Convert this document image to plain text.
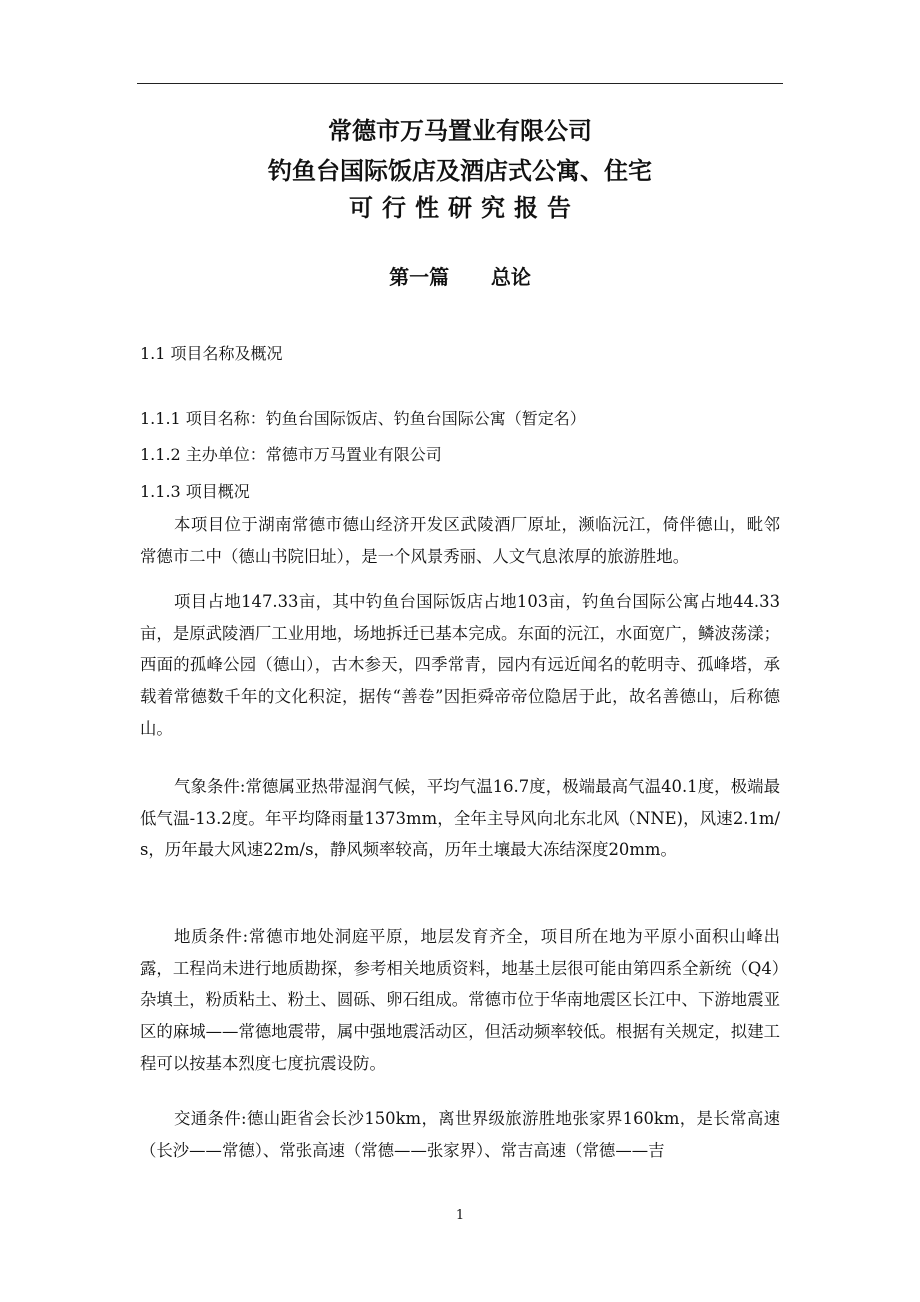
常德市万马置业有限公司
钓鱼台国际饭店及酒店式公寓、住宅
可行性研究报告
第一篇      总论
1.1 项目名称及概况
1.1.1 项目名称：钓鱼台国际饭店、钓鱼台国际公寓（暂定名）
1.1.2 主办单位：常德市万马置业有限公司
1.1.3 项目概况
本项目位于湖南常德市德山经济开发区武陵酒厂原址，濒临沅江，倚伴德山，毗邻常德市二中（德山书院旧址），是一个风景秀丽、人文气息浓厚的旅游胜地。
项目占地147.33亩，其中钓鱼台国际饭店占地103亩，钓鱼台国际公寓占地44.33亩，是原武陵酒厂工业用地，场地拆迁已基本完成。东面的沅江，水面宽广，鳞波荡漾；西面的孤峰公园（德山），古木参天，四季常青，园内有远近闻名的乾明寺、孤峰塔，承载着常德数千年的文化积淀，据传“善卷”因拒舜帝帝位隐居于此，故名善德山，后称德山。
气象条件:常德属亚热带湿润气候，平均气温16.7度，极端最高气温40.1度，极端最低气温-13.2度。年平均降雨量1373mm，全年主导风向北东北风（NNE)，风速2.1m/s，历年最大风速22m/s，静风频率较高，历年土壤最大冻结深度20mm。
地质条件:常德市地处洞庭平原，地层发育齐全，项目所在地为平原小面积山峰出露，工程尚未进行地质勘探，参考相关地质资料，地基土层很可能由第四系全新统（Q4）杂填土，粉质粘土、粉土、圆砾、卵石组成。常德市位于华南地震区长江中、下游地震亚区的麻城——常德地震带，属中强地震活动区，但活动频率较低。根据有关规定，拟建工程可以按基本烈度七度抗震设防。
交通条件:德山距省会长沙150km，离世界级旅游胜地张家界160km，是长常高速（长沙——常德）、常张高速（常德——张家界）、常吉高速（常德——吉
1
